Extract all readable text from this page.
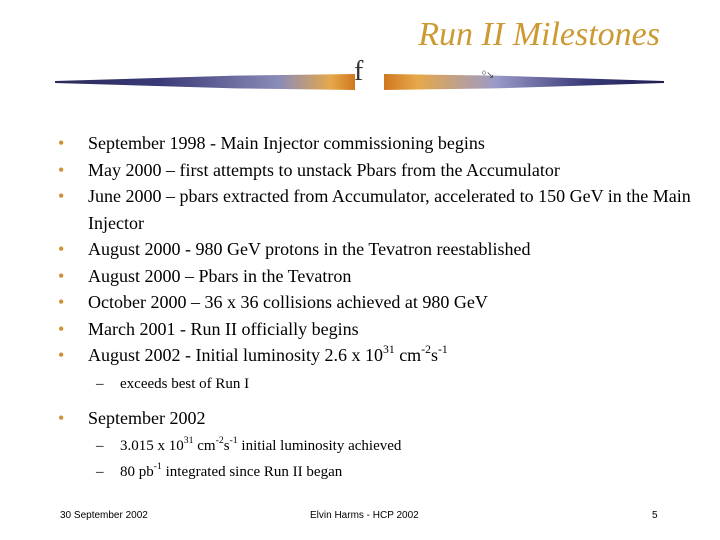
Run II Milestones
f	⁰↘
• September 1998 - Main Injector commissioning begins
• May 2000 – first attempts to unstack Pbars from the Accumulator
• June 2000 – pbars extracted from Accumulator, accelerated to 150 GeV in the Main Injector
• August 2000 - 980 GeV protons in the Tevatron reestablished
• August 2000 – Pbars in the Tevatron
• October 2000 – 36 x 36 collisions achieved at 980 GeV
• March 2001 - Run II officially begins
• August 2002 - Initial luminosity 2.6 x $10^{31}$ $cm^{-2}s^{-1}$
– exceeds best of Run I
• September 2002
– 3.015 x $10^{31}$ $cm^{-2}s^{-1}$ initial luminosity achieved
– 80 $pb^{-1}$ integrated since Run II began
30 September 2002	Elvin Harms - HCP 2002	5
